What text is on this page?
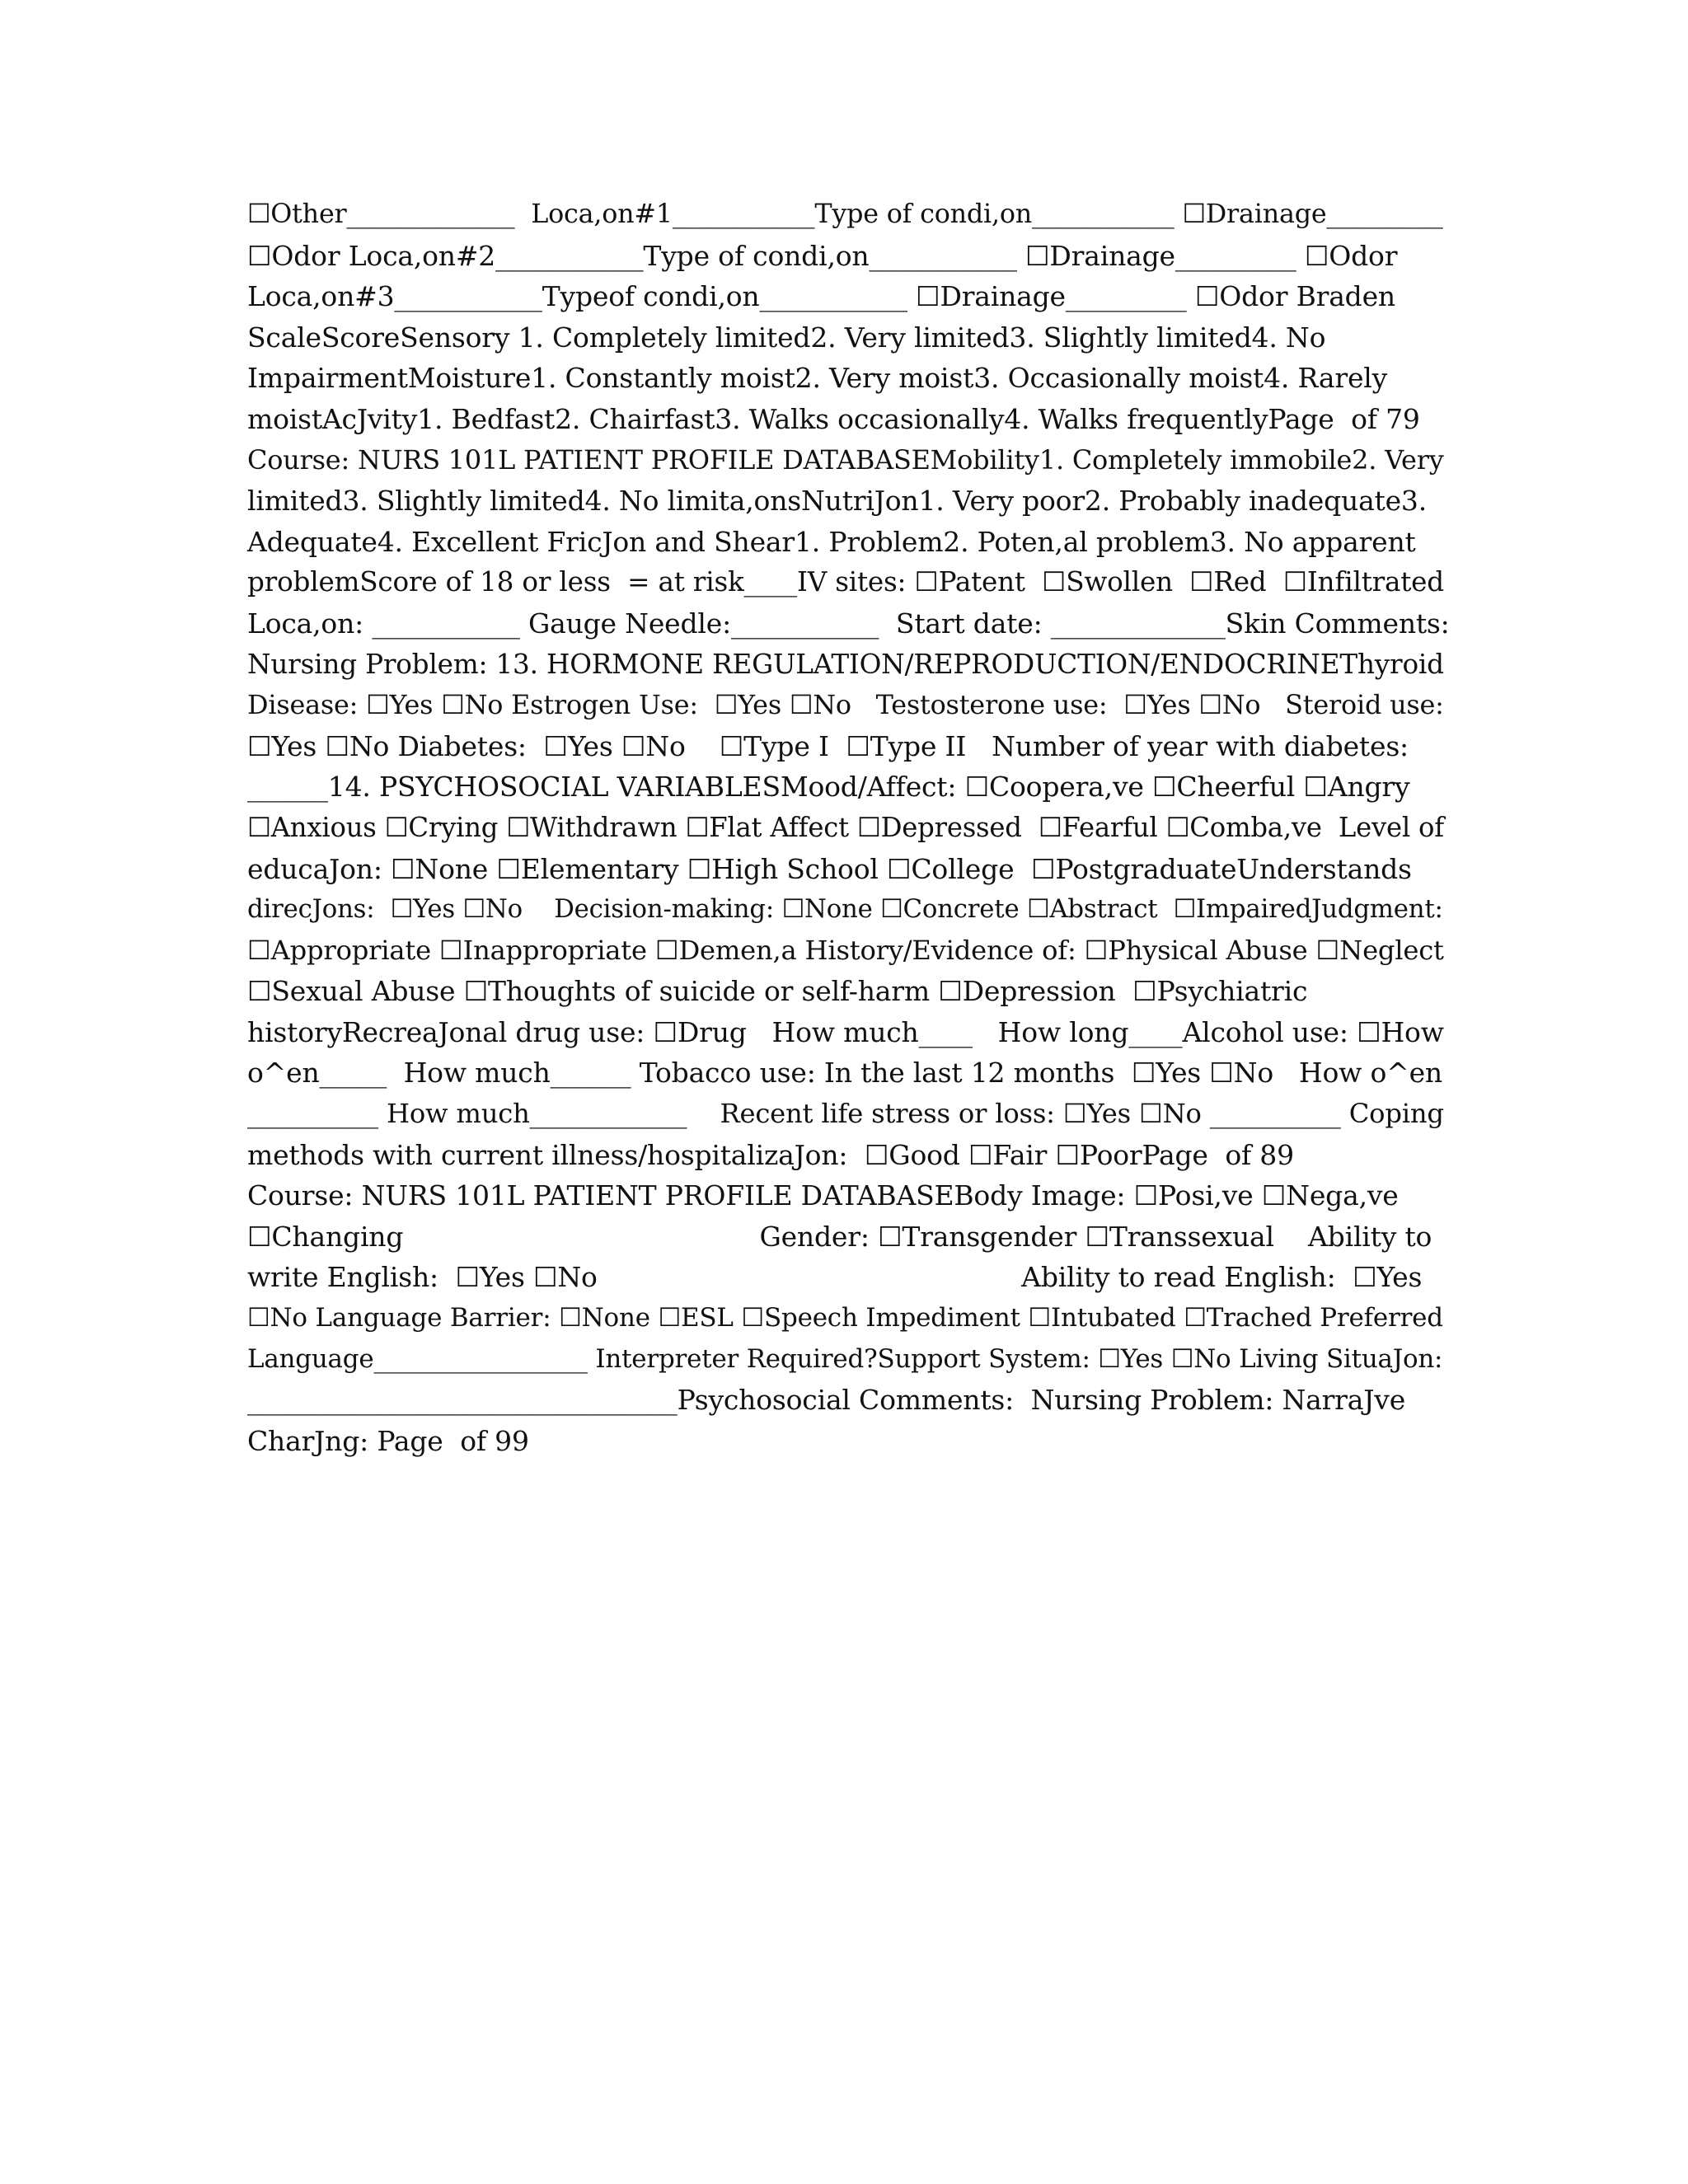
☐Other_____________  Loca,on#1___________Type of condi,on___________ ☐Drainage_________
☐Odor Loca,on#2___________Type of condi,on___________ ☐Drainage_________ ☐Odor
Loca,on#3___________Typeof condi,on___________ ☐Drainage_________ ☐Odor Braden
ScaleScoreSensory 1. Completely limited2. Very limited3. Slightly limited4. No
ImpairmentMoisture1. Constantly moist2. Very moist3. Occasionally moist4. Rarely
moistAcJvity1. Bedfast2. Chairfast3. Walks occasionally4. Walks frequentlyPage  of 79
Course: NURS 101L PATIENT PROFILE DATABASEMobility1. Completely immobile2. Very
limited3. Slightly limited4. No limita,onsNutriJon1. Very poor2. Probably inadequate3.
Adequate4. Excellent FricJon and Shear1. Problem2. Poten,al problem3. No apparent
problemScore of 18 or less  = at risk____IV sites: ☐Patent  ☐Swollen  ☐Red  ☐Infiltrated
Loca,on: ___________ Gauge Needle:___________  Start date: _____________Skin Comments:
Nursing Problem: 13. HORMONE REGULATION/REPRODUCTION/ENDOCRINEThyroid
Disease: ☐Yes ☐No Estrogen Use:  ☐Yes ☐No   Testosterone use:  ☐Yes ☐No   Steroid use:
☐Yes ☐No Diabetes:  ☐Yes ☐No    ☐Type I  ☐Type II   Number of year with diabetes:
______14. PSYCHOSOCIAL VARIABLESMood/Affect: ☐Coopera,ve ☐Cheerful ☐Angry
☐Anxious ☐Crying ☐Withdrawn ☐Flat Affect ☐Depressed  ☐Fearful ☐Comba,ve  Level of
educaJon: ☐None ☐Elementary ☐High School ☐College  ☐PostgraduateUnderstands
direcJons:  ☐Yes ☐No    Decision-making: ☐None ☐Concrete ☐Abstract  ☐ImpairedJudgment:
☐Appropriate ☐Inappropriate ☐Demen,a History/Evidence of: ☐Physical Abuse ☐Neglect
☐Sexual Abuse ☐Thoughts of suicide or self-harm ☐Depression  ☐Psychiatric
historyRecreaJonal drug use: ☐Drug   How much____   How long____Alcohol use: ☐How
o^en_____  How much______ Tobacco use: In the last 12 months  ☐Yes ☐No   How o^en
__________ How much____________    Recent life stress or loss: ☐Yes ☐No __________ Coping
methods with current illness/hospitalizaJon:  ☐Good ☐Fair ☐PoorPage  of 89
Course: NURS 101L PATIENT PROFILE DATABASEBody Image: ☐Posi,ve ☐Nega,ve
☐Changing                                          Gender: ☐Transgender ☐Transsexual    Ability to
write English:  ☐Yes ☐No                                                  Ability to read English:  ☐Yes
☐No Language Barrier: ☐None ☐ESL ☐Speech Impediment ☐Intubated ☐Trached Preferred
Language_________________ Interpreter Required?Support System: ☐Yes ☐No Living SituaJon:
________________________________Psychosocial Comments:  Nursing Problem: NarraJve
CharJng: Page  of 99
